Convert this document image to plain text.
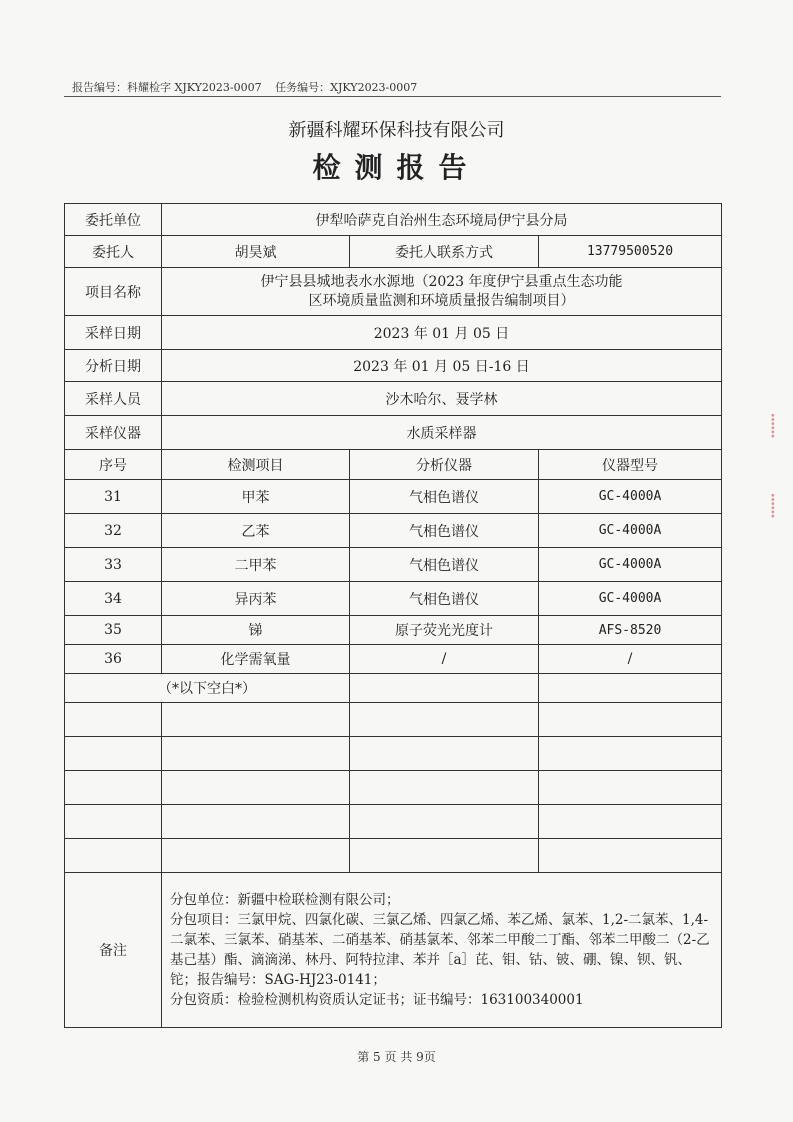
报告编号：科耀检字 XJKY2023-0007 任务编号：XJKY2023-0007
新疆科耀环保科技有限公司
检测报告
委托单位	伊犁哈萨克自治州生态环境局伊宁县分局		
委托人	胡昊斌	委托人联系方式	13779500520
项目名称	伊宁县县城地表水水源地（2023 年度伊宁县重点生态功能
区环境质量监测和环境质量报告编制项目）		

采样日期	2023 年 01 月 05 日		
分析日期	2023 年 01 月 05 日-16 日		
采样人员	沙木哈尔、聂学林		
采样仪器	水质采样器		
序号	检测项目	分析仪器	仪器型号
31	甲苯	气相色谱仪	GC-4000A
32	乙苯	气相色谱仪	GC-4000A
33	二甲苯	气相色谱仪	GC-4000A
34	异丙苯	气相色谱仪	GC-4000A
35	锑	原子荧光光度计	AFS-8520
36	化学需氧量	/	/
（*以下空白*）			

备注	分包单位：新疆中检联检测有限公司；
分包项目：三氯甲烷、四氯化碳、三氯乙烯、四氯乙烯、苯乙烯、氯苯、1,2-二氯苯、1,4-二氯苯、三氯苯、硝基苯、二硝基苯、硝基氯苯、邻苯二甲酸二丁酯、邻苯二甲酸二（2-乙基己基）酯、滴滴涕、林丹、阿特拉津、苯并［a］芘、钼、钴、铍、硼、镍、钡、钒、铊；报告编号：SAG-HJ23-0141；
分包资质：检验检测机构资质认定证书；证书编号：163100340001		
⸽
⸽
第 5 页 共 9页
